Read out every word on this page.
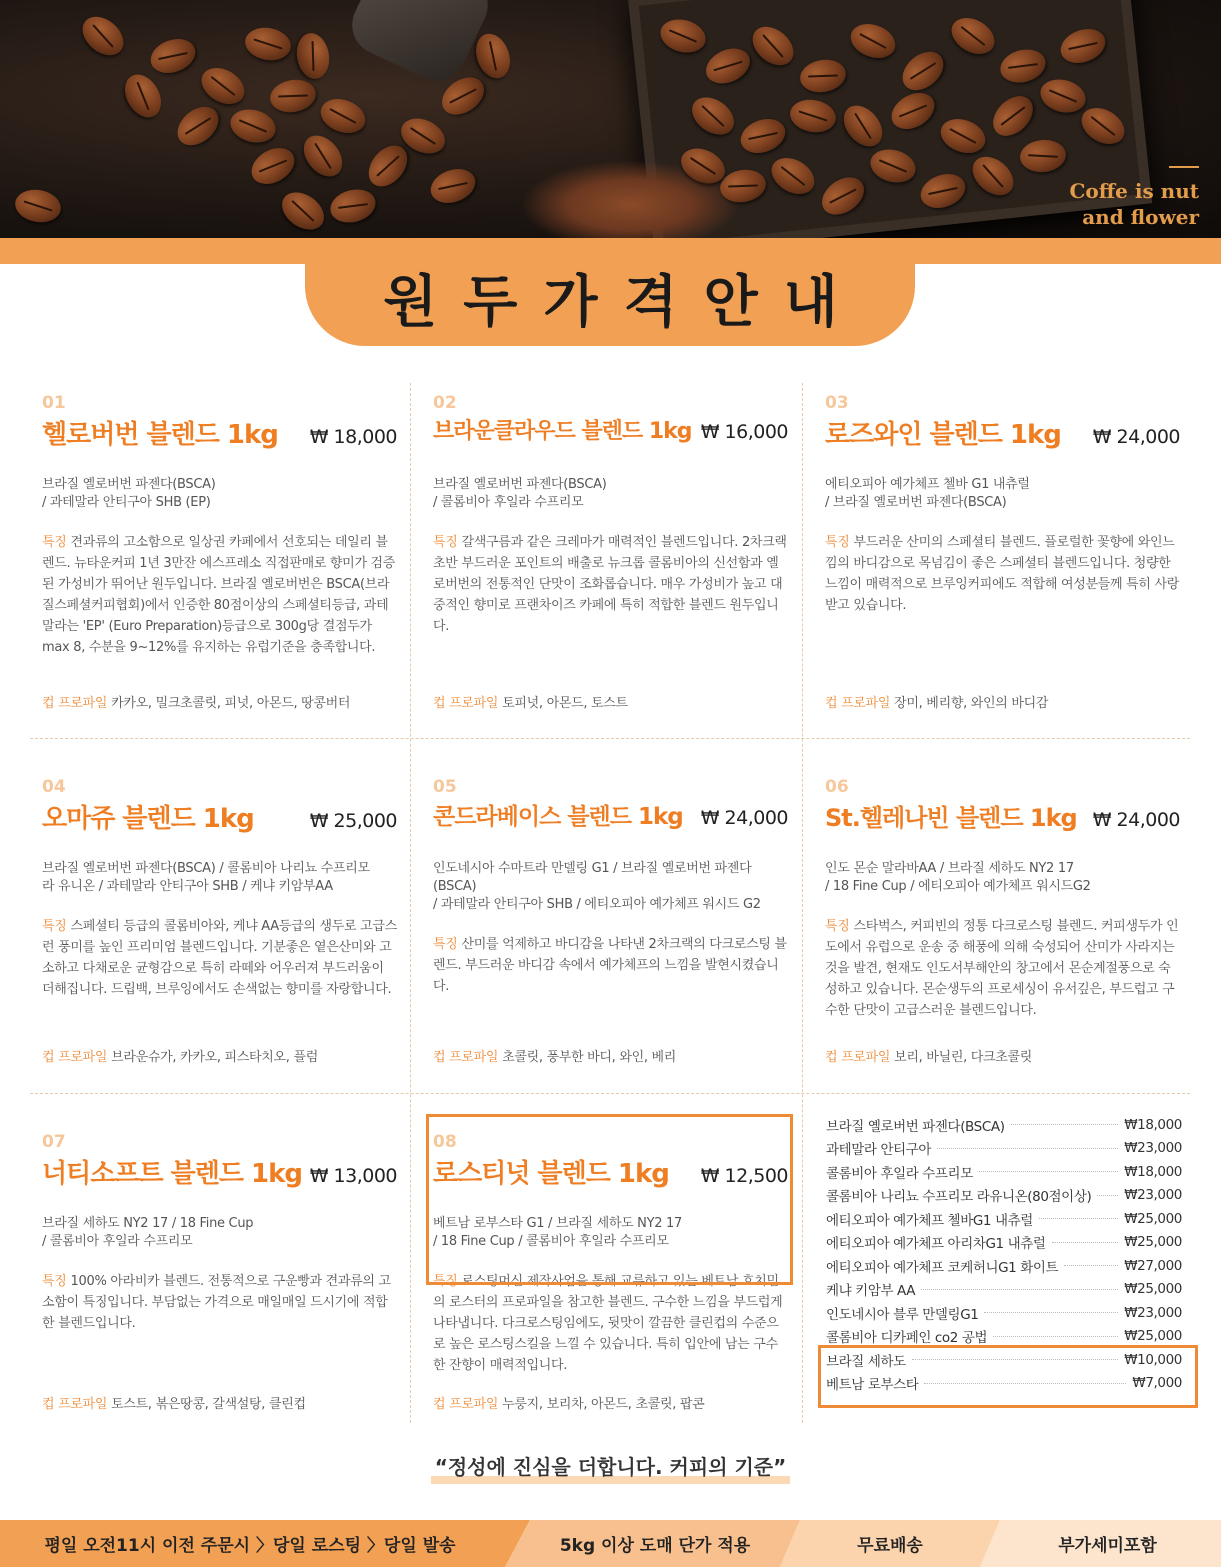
Coffe is nut
and flower
원두가격안내
01
헬로버번 블렌드 1kg ₩ 18,000
브라질 옐로버번 파젠다(BSCA)
/ 과테말라 안티구아 SHB (EP)
특징 견과류의 고소함으로 일상권 카페에서 선호되는 데일리 블렌드. 뉴타운커피 1년 3만잔 에스프레소 직접판매로 향미가 검증된 가성비가 뛰어난 원두입니다. 브라질 옐로버번은 BSCA(브라질스페셜커피협회)에서 인증한 80점이상의 스페셜티등급, 과테말라는 'EP' (Euro Preparation)등급으로 300g당 결점두가 max 8, 수분을 9~12%를 유지하는 유럽기준을 충족합니다.
컵 프로파일 카카오, 밀크초콜릿, 피넛, 아몬드, 땅콩버터
02
브라운클라우드 블렌드 1kg ₩ 16,000
브라질 옐로버번 파젠다(BSCA)
/ 콜롬비아 후일라 수프리모
특징 갈색구름과 같은 크레마가 매력적인 블렌드입니다. 2차크랙 초반 부드러운 포인트의 배출로 뉴크롭 콜롬비아의 신선함과 옐로버번의 전통적인 단맛이 조화롭습니다. 매우 가성비가 높고 대중적인 향미로 프랜차이즈 카페에 특히 적합한 블렌드 원두입니다.
컵 프로파일 토피넛, 아몬드, 토스트
03
로즈와인 블렌드 1kg ₩ 24,000
에티오피아 예가체프 첼바 G1 내츄럴
/ 브라질 옐로버번 파젠다(BSCA)
특징 부드러운 산미의 스페셜티 블렌드. 플로럴한 꽃향에 와인느낌의 바디감으로 목넘김이 좋은 스페셜티 블렌드입니다. 청량한 느낌이 매력적으로 브루잉커피에도 적합해 여성분들께 특히 사랑받고 있습니다.
컵 프로파일 장미, 베리향, 와인의 바디감
04
오마쥬 블렌드 1kg	₩ 25,000
브라질 옐로버번 파젠다(BSCA) / 콜롬비아 나리뇨 수프리모
라 유니온 / 과테말라 안티구아 SHB / 케냐 키암부AA
특징 스페셜티 등급의 콜롬비아와, 케냐 AA등급의 생두로 고급스런 풍미를 높인 프리미엄 블렌드입니다. 기분좋은 옅은산미와 고소하고 다채로운 균형감으로 특히 라떼와 어우러져 부드러움이 더해집니다. 드립백, 브루잉에서도 손색없는 향미를 자랑합니다.
컵 프로파일 브라운슈가, 카카오, 피스타치오, 플럼
05
콘드라베이스 블렌드 1kg ₩ 24,000
인도네시아 수마트라 만델링 G1 / 브라질 옐로버번 파젠다(BSCA)
/ 과테말라 안티구아 SHB / 에티오피아 예가체프 워시드 G2
특징 산미를 억제하고 바디감을 나타낸 2차크랙의 다크로스팅 블렌드. 부드러운 바디감 속에서 예가체프의 느낌을 발현시켰습니다.
컵 프로파일 초콜릿, 풍부한 바디, 와인, 베리
06
St.헬레나빈 블렌드 1kg ₩ 24,000
인도 몬순 말라바AA / 브라질 세하도 NY2 17
/ 18 Fine Cup / 에티오피아 예가체프 워시드G2
특징 스타벅스, 커피빈의 정통 다크로스팅 블렌드. 커피생두가 인도에서 유럽으로 운송 중 해풍에 의해 숙성되어 산미가 사라지는 것을 발견, 현재도 인도서부해안의 창고에서 몬순계절풍으로 숙성하고 있습니다. 몬순생두의 프로세싱이 유서깊은, 부드럽고 구수한 단맛이 고급스러운 블렌드입니다.
컵 프로파일 보리, 바닐린, 다크초콜릿
07
너티소프트 블렌드 1kg ₩ 13,000
브라질 세하도 NY2 17 / 18 Fine Cup
/ 콜롬비아 후일라 수프리모
특징 100% 아라비카 블렌드. 전통적으로 구운빵과 견과류의 고소함이 특징입니다. 부담없는 가격으로 매일매일 드시기에 적합한 블렌드입니다.
컵 프로파일 토스트, 볶은땅콩, 갈색설탕, 클린컵
08
로스티넛 블렌드 1kg ₩ 12,500
베트남 로부스타 G1 / 브라질 세하도 NY2 17
/ 18 Fine Cup / 콜롬비아 후일라 수프리모
특징 로스팅머신 제작사업을 통해 교류하고 있는 베트남 호치민의 로스터의 프로파일을 참고한 블렌드. 구수한 느낌을 부드럽게 나타냅니다. 다크로스팅임에도, 뒷맛이 깔끔한 클린컵의 수준으로 높은 로스팅스킬을 느낄 수 있습니다. 특히 입안에 남는 구수한 잔향이 매력적입니다.
컵 프로파일 누룽지, 보리차, 아몬드, 초콜릿, 팝콘
브라질 옐로버번 파젠다(BSCA)	₩18,000
과테말라 안티구아	₩23,000
콜롬비아 후일라 수프리모	₩18,000
콜롬비아 나리뇨 수프리모 라유니온(80점이상) ₩23,000
에티오피아 예가체프 첼바G1 내츄럴	₩25,000
에티오피아 예가체프 아리차G1 내츄럴	₩25,000
에티오피아 예가체프 코케허니G1 화이트	₩27,000
케냐 키암부 AA	₩25,000
인도네시아 블루 만델링G1	₩23,000
콜롬비아 디카페인 co2 공법	₩25,000
브라질 세하도	₩10,000
베트남 로부스타	₩7,000
“정성에 진심을 더합니다. 커피의 기준”
평일 오전11시 이전 주문시 〉당일 로스팅 〉당일 발송	5kg 이상 도매 단가 적용	무료배송	부가세미포함
